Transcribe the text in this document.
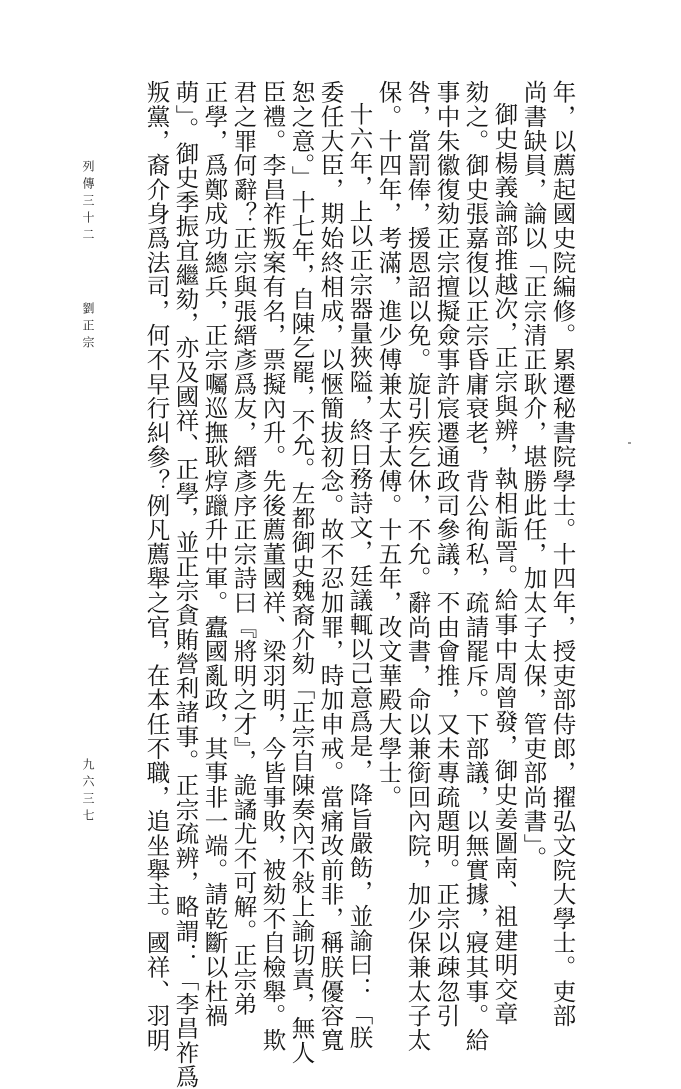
年，以薦起國史院編修。累遷秘書院學士。十四年，授吏部侍郎，擢弘文院大學士。吏部
尚書缺員，論以「正宗清正耿介，堪勝此任，加太子太保，管吏部尚書」。
御史楊義論部推越次，正宗與辨，執相詬詈。給事中周曾發，御史姜圖南、祖建明交章
劾之。御史張嘉復以正宗昏庸衰老，背公徇私，疏請罷斥。下部議，以無實據，寢其事。給
事中朱徽復劾正宗擅擬僉事許宸遷通政司參議，不由會推，又未專疏題明。正宗以疎忽引
咎，當罰俸，援恩詔以免。旋引疾乞休，不允。辭尚書，命以兼銜回內院，加少保兼太子太
保。十四年，考滿，進少傅兼太子太傅。十五年，改文華殿大學士。
十六年，上以正宗器量狹隘，終日務詩文，廷議輒以己意爲是，降旨嚴飭，並諭曰：「朕
委任大臣，期始終相成，以愜簡拔初念。故不忍加罪，時加申戒。當痛改前非，稱朕優容寬
恕之意。」十七年，自陳乞罷，不允。左都御史魏裔介劾「正宗自陳奏內不敍上諭切責，無人
臣禮。李昌祚叛案有名，票擬內升。先後薦董國祥、梁羽明，今皆事敗，被劾不自檢舉。欺
君之罪何辭？正宗與張縉彥爲友，縉彥序正宗詩曰『將明之才』，詭譎尤不可解。正宗弟
正學，爲鄭成功總兵，正宗囑巡撫耿焞躐升中軍。蠹國亂政，其事非一端。請乾斷以杜禍
萌」。御史季振宜繼劾，亦及國祥、正學，並正宗貪賄營利諸事。正宗疏辨，略謂：「李昌祚爲
叛黨，裔介身爲法司，何不早行糾參？例凡薦舉之官，在本任不職，追坐舉主。國祥、羽明
列傳三十二
劉正宗
九六三七
